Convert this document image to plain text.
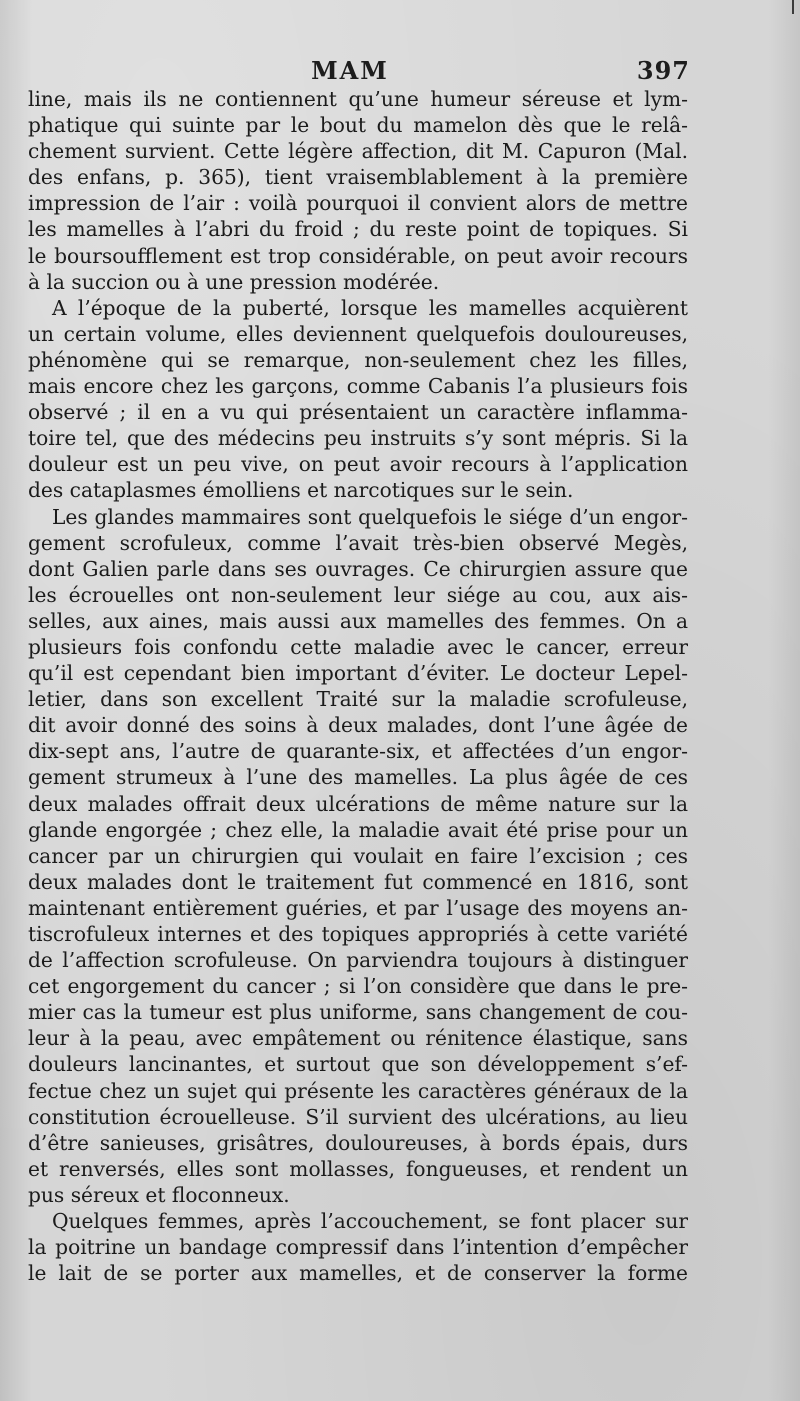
MAM	397
line, mais ils ne contiennent qu’une humeur séreuse et lym-
phatique qui suinte par le bout du mamelon dès que le relâ-
chement survient. Cette légère affection, dit M. Capuron (Mal.
des enfans, p. 365), tient vraisemblablement à la première
impression de l’air : voilà pourquoi il convient alors de mettre
les mamelles à l’abri du froid ; du reste point de topiques. Si
le boursoufflement est trop considérable, on peut avoir recours
à la succion ou à une pression modérée.
A l’époque de la puberté, lorsque les mamelles acquièrent
un certain volume, elles deviennent quelquefois douloureuses,
phénomène qui se remarque, non-seulement chez les filles,
mais encore chez les garçons, comme Cabanis l’a plusieurs fois
observé ; il en a vu qui présentaient un caractère inflamma-
toire tel, que des médecins peu instruits s’y sont mépris. Si la
douleur est un peu vive, on peut avoir recours à l’application
des cataplasmes émolliens et narcotiques sur le sein.
Les glandes mammaires sont quelquefois le siége d’un engor-
gement scrofuleux, comme l’avait très-bien observé Megès,
dont Galien parle dans ses ouvrages. Ce chirurgien assure que
les écrouelles ont non-seulement leur siége au cou, aux ais-
selles, aux aines, mais aussi aux mamelles des femmes. On a
plusieurs fois confondu cette maladie avec le cancer, erreur
qu’il est cependant bien important d’éviter. Le docteur Lepel-
letier, dans son excellent Traité sur la maladie scrofuleuse,
dit avoir donné des soins à deux malades, dont l’une âgée de
dix-sept ans, l’autre de quarante-six, et affectées d’un engor-
gement strumeux à l’une des mamelles. La plus âgée de ces
deux malades offrait deux ulcérations de même nature sur la
glande engorgée ; chez elle, la maladie avait été prise pour un
cancer par un chirurgien qui voulait en faire l’excision ; ces
deux malades dont le traitement fut commencé en 1816, sont
maintenant entièrement guéries, et par l’usage des moyens an-
tiscrofuleux internes et des topiques appropriés à cette variété
de l’affection scrofuleuse. On parviendra toujours à distinguer
cet engorgement du cancer ; si l’on considère que dans le pre-
mier cas la tumeur est plus uniforme, sans changement de cou-
leur à la peau, avec empâtement ou rénitence élastique, sans
douleurs lancinantes, et surtout que son développement s’ef-
fectue chez un sujet qui présente les caractères généraux de la
constitution écrouelleuse. S’il survient des ulcérations, au lieu
d’être sanieuses, grisâtres, douloureuses, à bords épais, durs
et renversés, elles sont mollasses, fongueuses, et rendent un
pus séreux et floconneux.
Quelques femmes, après l’accouchement, se font placer sur
la poitrine un bandage compressif dans l’intention d’empêcher
le lait de se porter aux mamelles, et de conserver la forme
